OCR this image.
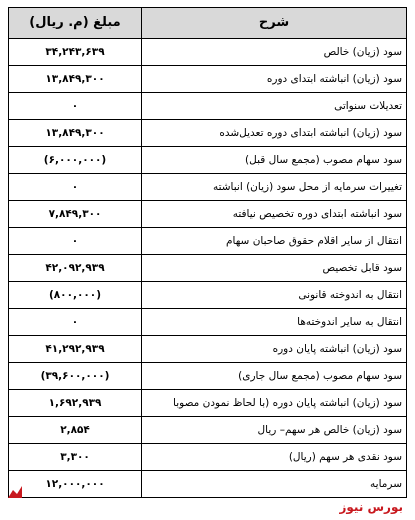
شرح	مبلغ (م. ریال)
سود (زیان) خالص	۳۴,۲۴۳,۶۳۹
سود (زیان) انباشته ابتدای دوره	۱۳,۸۴۹,۳۰۰
تعدیلات سنواتی	۰
سود (زیان) انباشته ابتدای دوره تعدیل‌شده	۱۳,۸۴۹,۳۰۰
سود سهام مصوب (مجمع سال قبل)	(۶,۰۰۰,۰۰۰)
تغییرات سرمایه از محل سود (زیان) انباشته	۰
سود انباشته ابتدای دوره تخصیص نیافته	۷,۸۴۹,۳۰۰
انتقال از سایر اقلام حقوق صاحبان سهام	۰
سود قابل تخصیص	۴۲,۰۹۲,۹۳۹
انتقال به اندوخته قانونی	(۸۰۰,۰۰۰)
انتقال به سایر اندوخته‌ها	۰
سود (زیان) انباشته پایان دوره	۴۱,۲۹۲,۹۳۹
سود سهام مصوب (مجمع سال جاری)	(۳۹,۶۰۰,۰۰۰)
سود (زیان) انباشته پایان دوره (با لحاظ نمودن مصوبا	۱,۶۹۲,۹۳۹
سود (زیان) خالص هر سهم– ریال	۲,۸۵۴
سود نقدی هر سهم (ریال)	۳,۳۰۰
سرمایه	۱۲,۰۰۰,۰۰۰
بورس نیوز
